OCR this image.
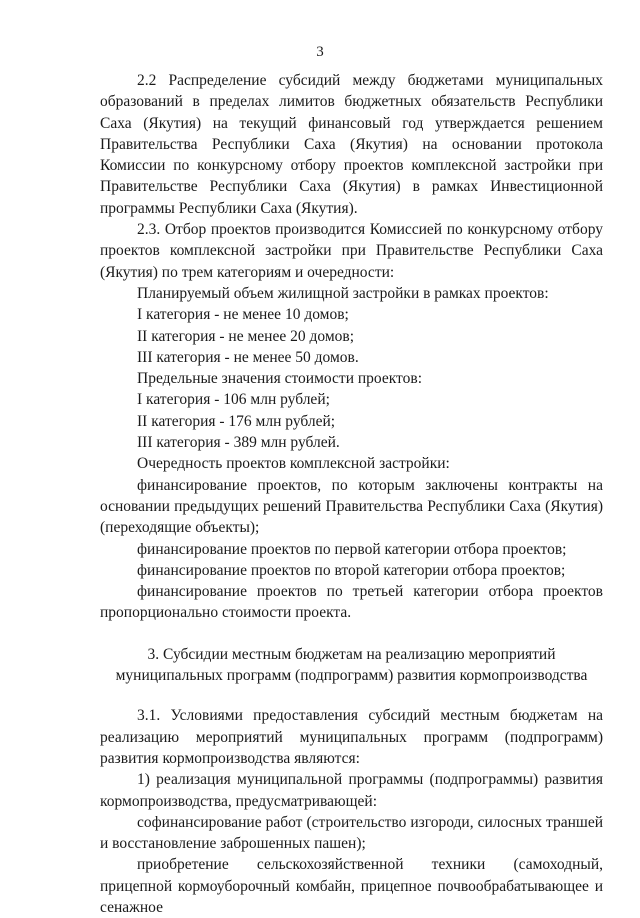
3

2.2 Распределение субсидий между бюджетами муниципальных образований в пределах лимитов бюджетных обязательств Республики Саха (Якутия) на текущий финансовый год утверждается решением Правительства Республики Саха (Якутия) на основании протокола Комиссии по конкурсному отбору проектов комплексной застройки при Правительстве Республики Саха (Якутия) в рамках Инвестиционной программы Республики Саха (Якутия).

2.3. Отбор проектов производится Комиссией по конкурсному отбору проектов комплексной застройки при Правительстве Республики Саха (Якутия) по трем категориям и очередности:

Планируемый объем жилищной застройки в рамках проектов:

I категория - не менее 10 домов;

II категория - не менее 20 домов;

III категория - не менее 50 домов.

Предельные значения стоимости проектов:

I категория - 106 млн рублей;

II категория - 176 млн рублей;

III категория - 389 млн рублей.

Очередность проектов комплексной застройки:

финансирование проектов, по которым заключены контракты на основании предыдущих решений Правительства Республики Саха (Якутия) (переходящие объекты);

финансирование проектов по первой категории отбора проектов;

финансирование проектов по второй категории отбора проектов;

финансирование проектов по третьей категории отбора проектов пропорционально стоимости проекта.

3. Субсидии местным бюджетам на реализацию мероприятий муниципальных программ (подпрограмм) развития кормопроизводства

3.1. Условиями предоставления субсидий местным бюджетам на реализацию мероприятий муниципальных программ (подпрограмм) развития кормопроизводства являются:

1) реализация муниципальной программы (подпрограммы) развития кормопроизводства, предусматривающей:

софинансирование работ (строительство изгороди, силосных траншей и восстановление заброшенных пашен);

приобретение сельскохозяйственной техники (самоходный, прицепной кормоуборочный комбайн, прицепное почвообрабатывающее и сенажное
